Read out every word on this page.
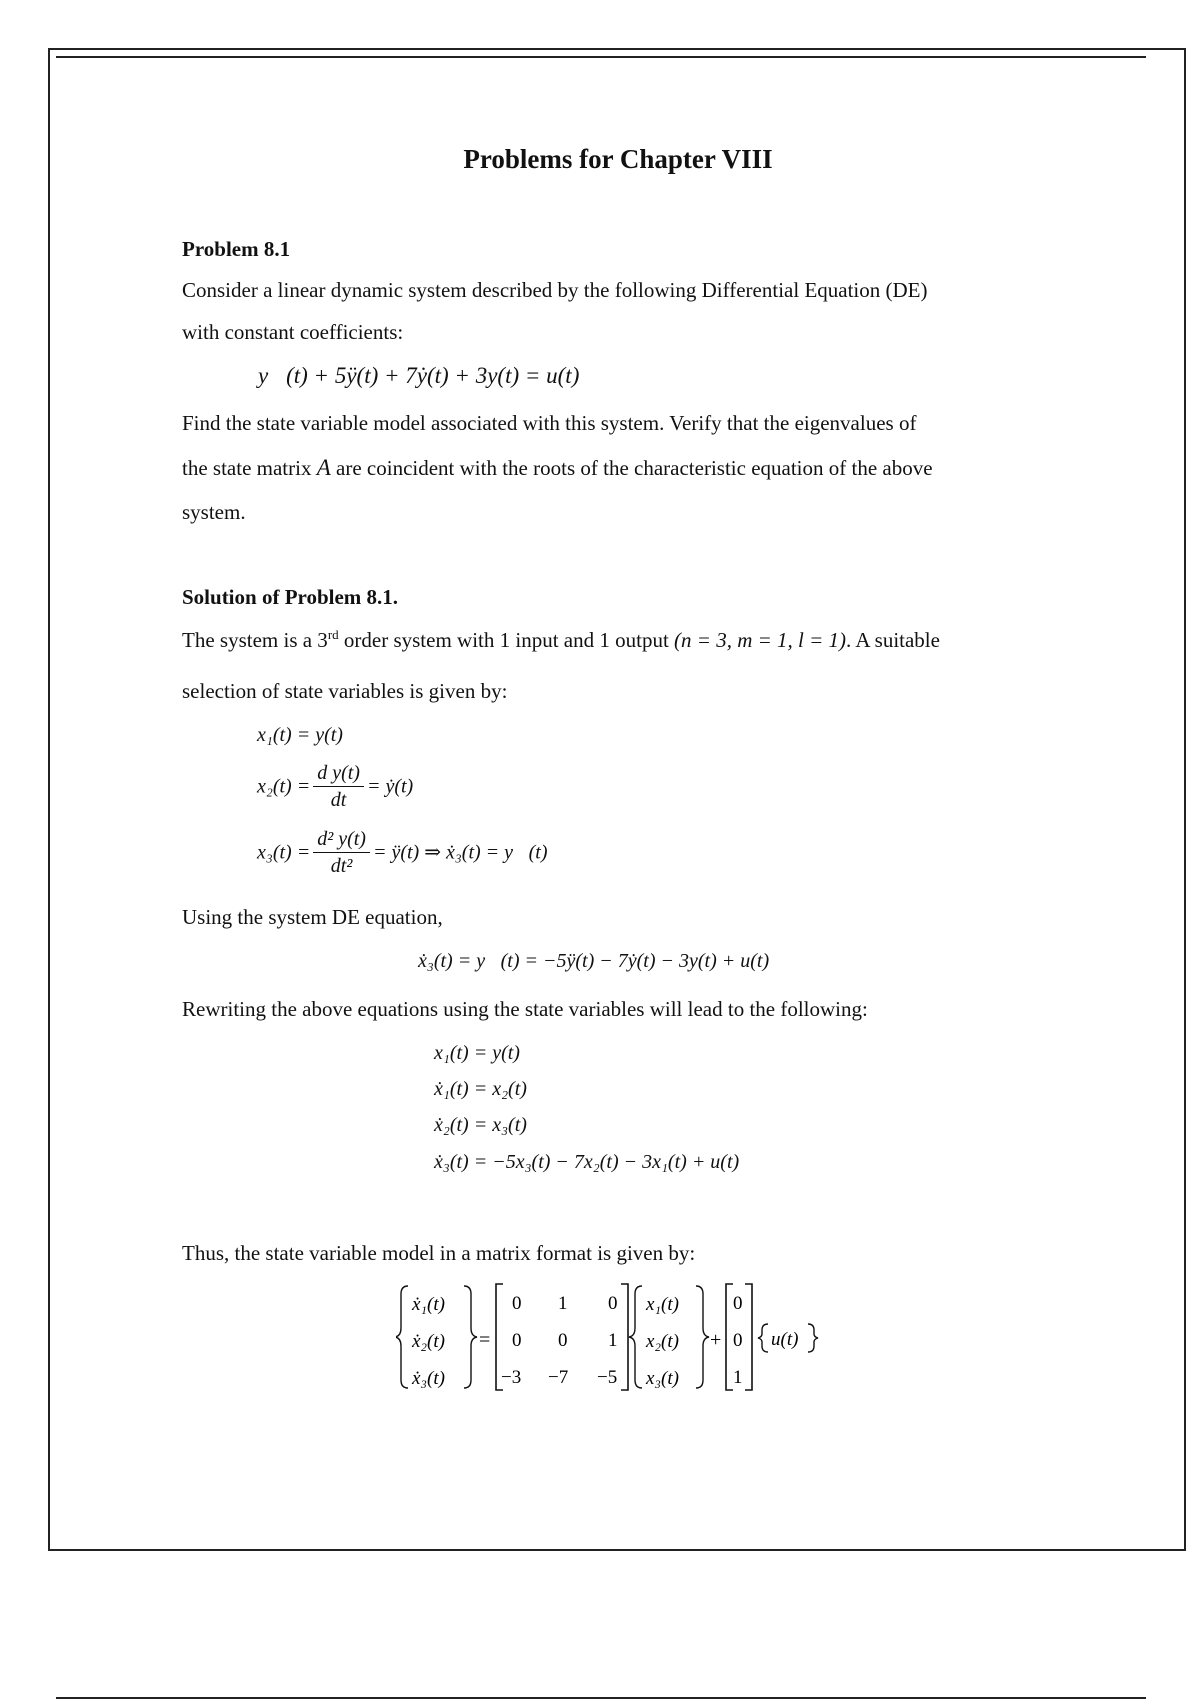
Problems for Chapter VIII
Problem 8.1
Consider a linear dynamic system described by the following Differential Equation (DE)
with constant coefficients:
y⃛(t) + 5ÿ(t) + 7ẏ(t) + 3y(t) = u(t)
Find the state variable model associated with this system. Verify that the eigenvalues of
the state matrix A are coincident with the roots of the characteristic equation of the above
system.
Solution of Problem 8.1.
The system is a 3rd order system with 1 input and 1 output (n = 3, m = 1, l = 1). A suitable
selection of state variables is given by:
x₁(t) = y(t)
$x_2(t) = \frac{\text{d y(t)}}{dt}$ = ẏ(t)
$x_3(t) = \frac{\text{d² y(t)}}{\text{dt²}}$ = ÿ(t) ⇒ ẋ₃(t) = y⃛(t)
Using the system DE equation,
ẋ₃(t) = y⃛(t) = −5ÿ(t) − 7ẏ(t) − 3y(t) + u(t)
Rewriting the above equations using the state variables will lead to the following:
x₁(t) = y(t)
ẋ₁(t) = x₂(t)
ẋ₂(t) = x₃(t)
ẋ₃(t) = −5x₃(t) − 7x₂(t) − 3x₁(t) + u(t)
Thus, the state variable model in a matrix format is given by:
ẋ₁(t)
ẋ₂(t)
ẋ₃(t)
=
0 1 0
0 0 1
−3 −7 −5
x₁(t)
x₂(t)
x₃(t)
+
0
0
1
u(t)
